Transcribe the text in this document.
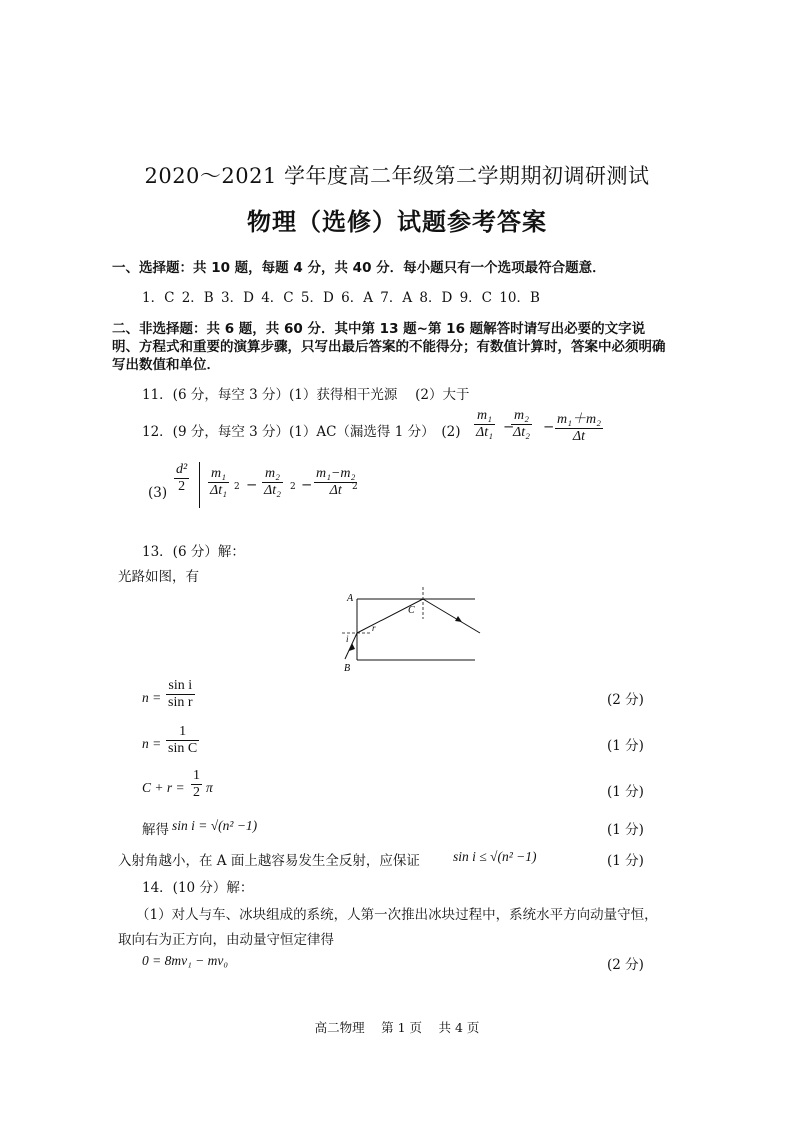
2020～2021 学年度高二年级第二学期期初调研测试
物理（选修）试题参考答案
一、选择题：共 10 题，每题 4 分，共 40 分．每小题只有一个选项最符合题意．
1．C 2．B 3．D 4．C 5．D 6．A 7．A 8．D 9．C 10．B
二、非选择题：共 6 题，共 60 分．其中第 13 题~第 16 题解答时请写出必要的文字说明、方程式和重要的演算步骤，只写出最后答案的不能得分；有数值计算时，答案中必须明确写出数值和单位．
11．(6 分，每空 3 分）(1）获得相干光源　 (2）大于
12．(9 分，每空 3 分）(1）AC（漏选得 1 分）　$(2) \frac{\text{m₁}}{\text{Δt₁}}$ −
$\frac{\text{m₂}}{\text{Δt₂}} - \frac{\text{m₁＋m₂}}{\Delta t}$
$(3) \frac{\text{d²}}{2} \frac{\text{m₁}}{\text{Δt₁}} 2 - \frac{\text{m₂}}{\text{Δt₂}} 2 - \frac{\text{m₁−m₂}}{\Delta t}$
2
13．(6 分）解：
光路如图，有
A
B
C
i
r
$n = \frac{\text{sin i}}{\text{sin r}}$	(2 分)
$n = \frac{1}{\text{sin C}}$	(1 分)
$C + r = \frac{1}{2}$ π	(1 分)
解得 sin i = √(n² −1)	(1 分)
入射角越小，在 A 面上越容易发生全反射，应保证 sin i ≤ √(n² −1)	(1 分)
14．(10 分）解：
（1）对人与车、冰块组成的系统，人第一次推出冰块过程中，系统水平方向动量守恒，
取向右为正方向，由动量守恒定律得
0 = 8mv₁ − mv₀	(2 分)
高二物理　 第 1 页　 共 4 页
